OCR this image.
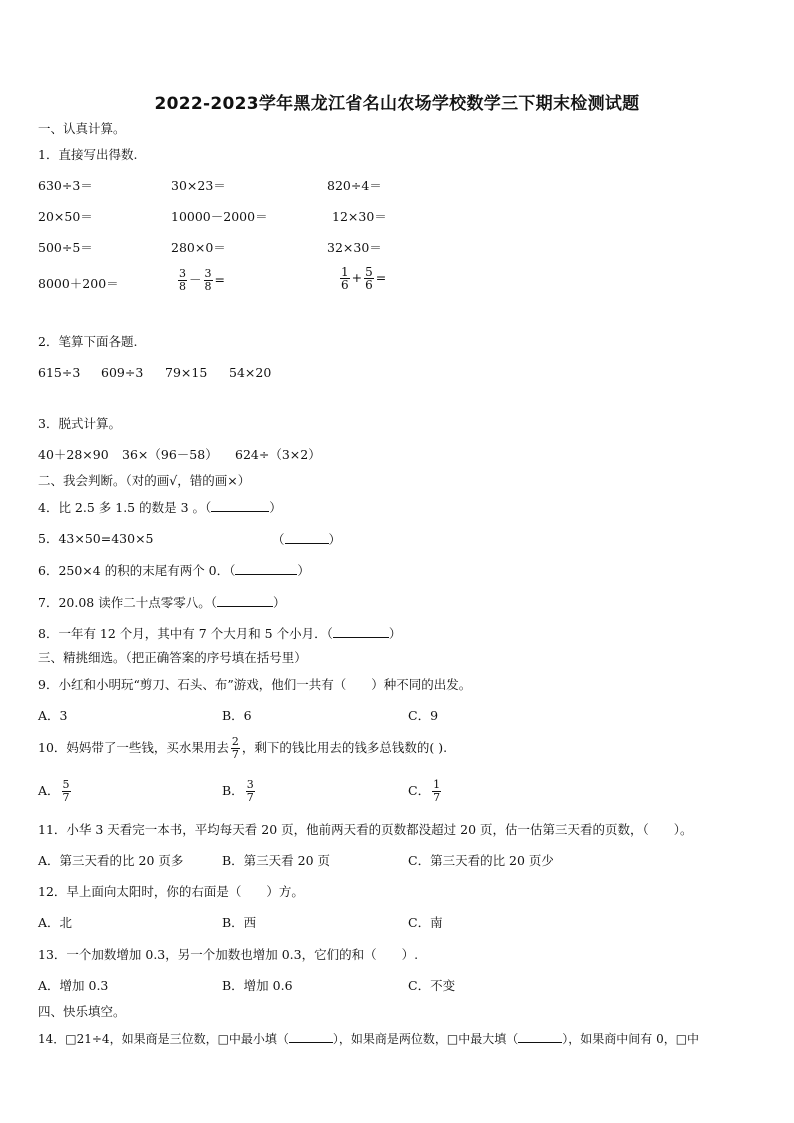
2022-2023学年黑龙江省名山农场学校数学三下期末检测试题
一、认真计算。
1．直接写出得数.
630÷3＝	30×23＝	820÷4＝
20×50＝	10000－2000＝	12×30＝
500÷5＝	280×0＝	32×30＝
8000＋200＝	$\frac{3}{8} - \frac{3}{8}$ =	$\frac{1}{6} + \frac{5}{6}$ =
2．笔算下面各题.
615÷3 609÷3 79×15 54×20
3．脱式计算。
40＋28×90 36×（96－58） 624÷（3×2）
二、我会判断。（对的画√，错的画×）
4．比 2.5 多 1.5 的数是 3 。（	）
5．43×50=430×5	（	）
6．250×4 的积的末尾有两个 0．（	）
7．20.08 读作二十点零零八。（	）
8．一年有 12 个月，其中有 7 个大月和 5 个小月．（	）
三、精挑细选。（把正确答案的序号填在括号里）
9．小红和小明玩“剪刀、石头、布”游戏，他们一共有（　　）种不同的出发。
A．3	B．6	C．9
10．妈妈带了一些钱，买水果用去 $\frac{2}{7}$ ，剩下的钱比用去的钱多总钱数的( ).
A． $\frac{5}{7}$	B． $\frac{3}{7}$	C． $\frac{1}{7}$
11．小华 3 天看完一本书，平均每天看 20 页，他前两天看的页数都没超过 20 页，估一估第三天看的页数，（　　）。
A．第三天看的比 20 页多	B．第三天看 20 页	C．第三天看的比 20 页少
12．早上面向太阳时，你的右面是（　　）方。
A．北	B．西	C．南
13．一个加数增加 0.3，另一个加数也增加 0.3，它们的和（　　）.
A．增加 0.3	B．增加 0.6	C．不变
四、快乐填空。
14．□21÷4，如果商是三位数，□中最小填（	），如果商是两位数，□中最大填（	），如果商中间有 0，□中
